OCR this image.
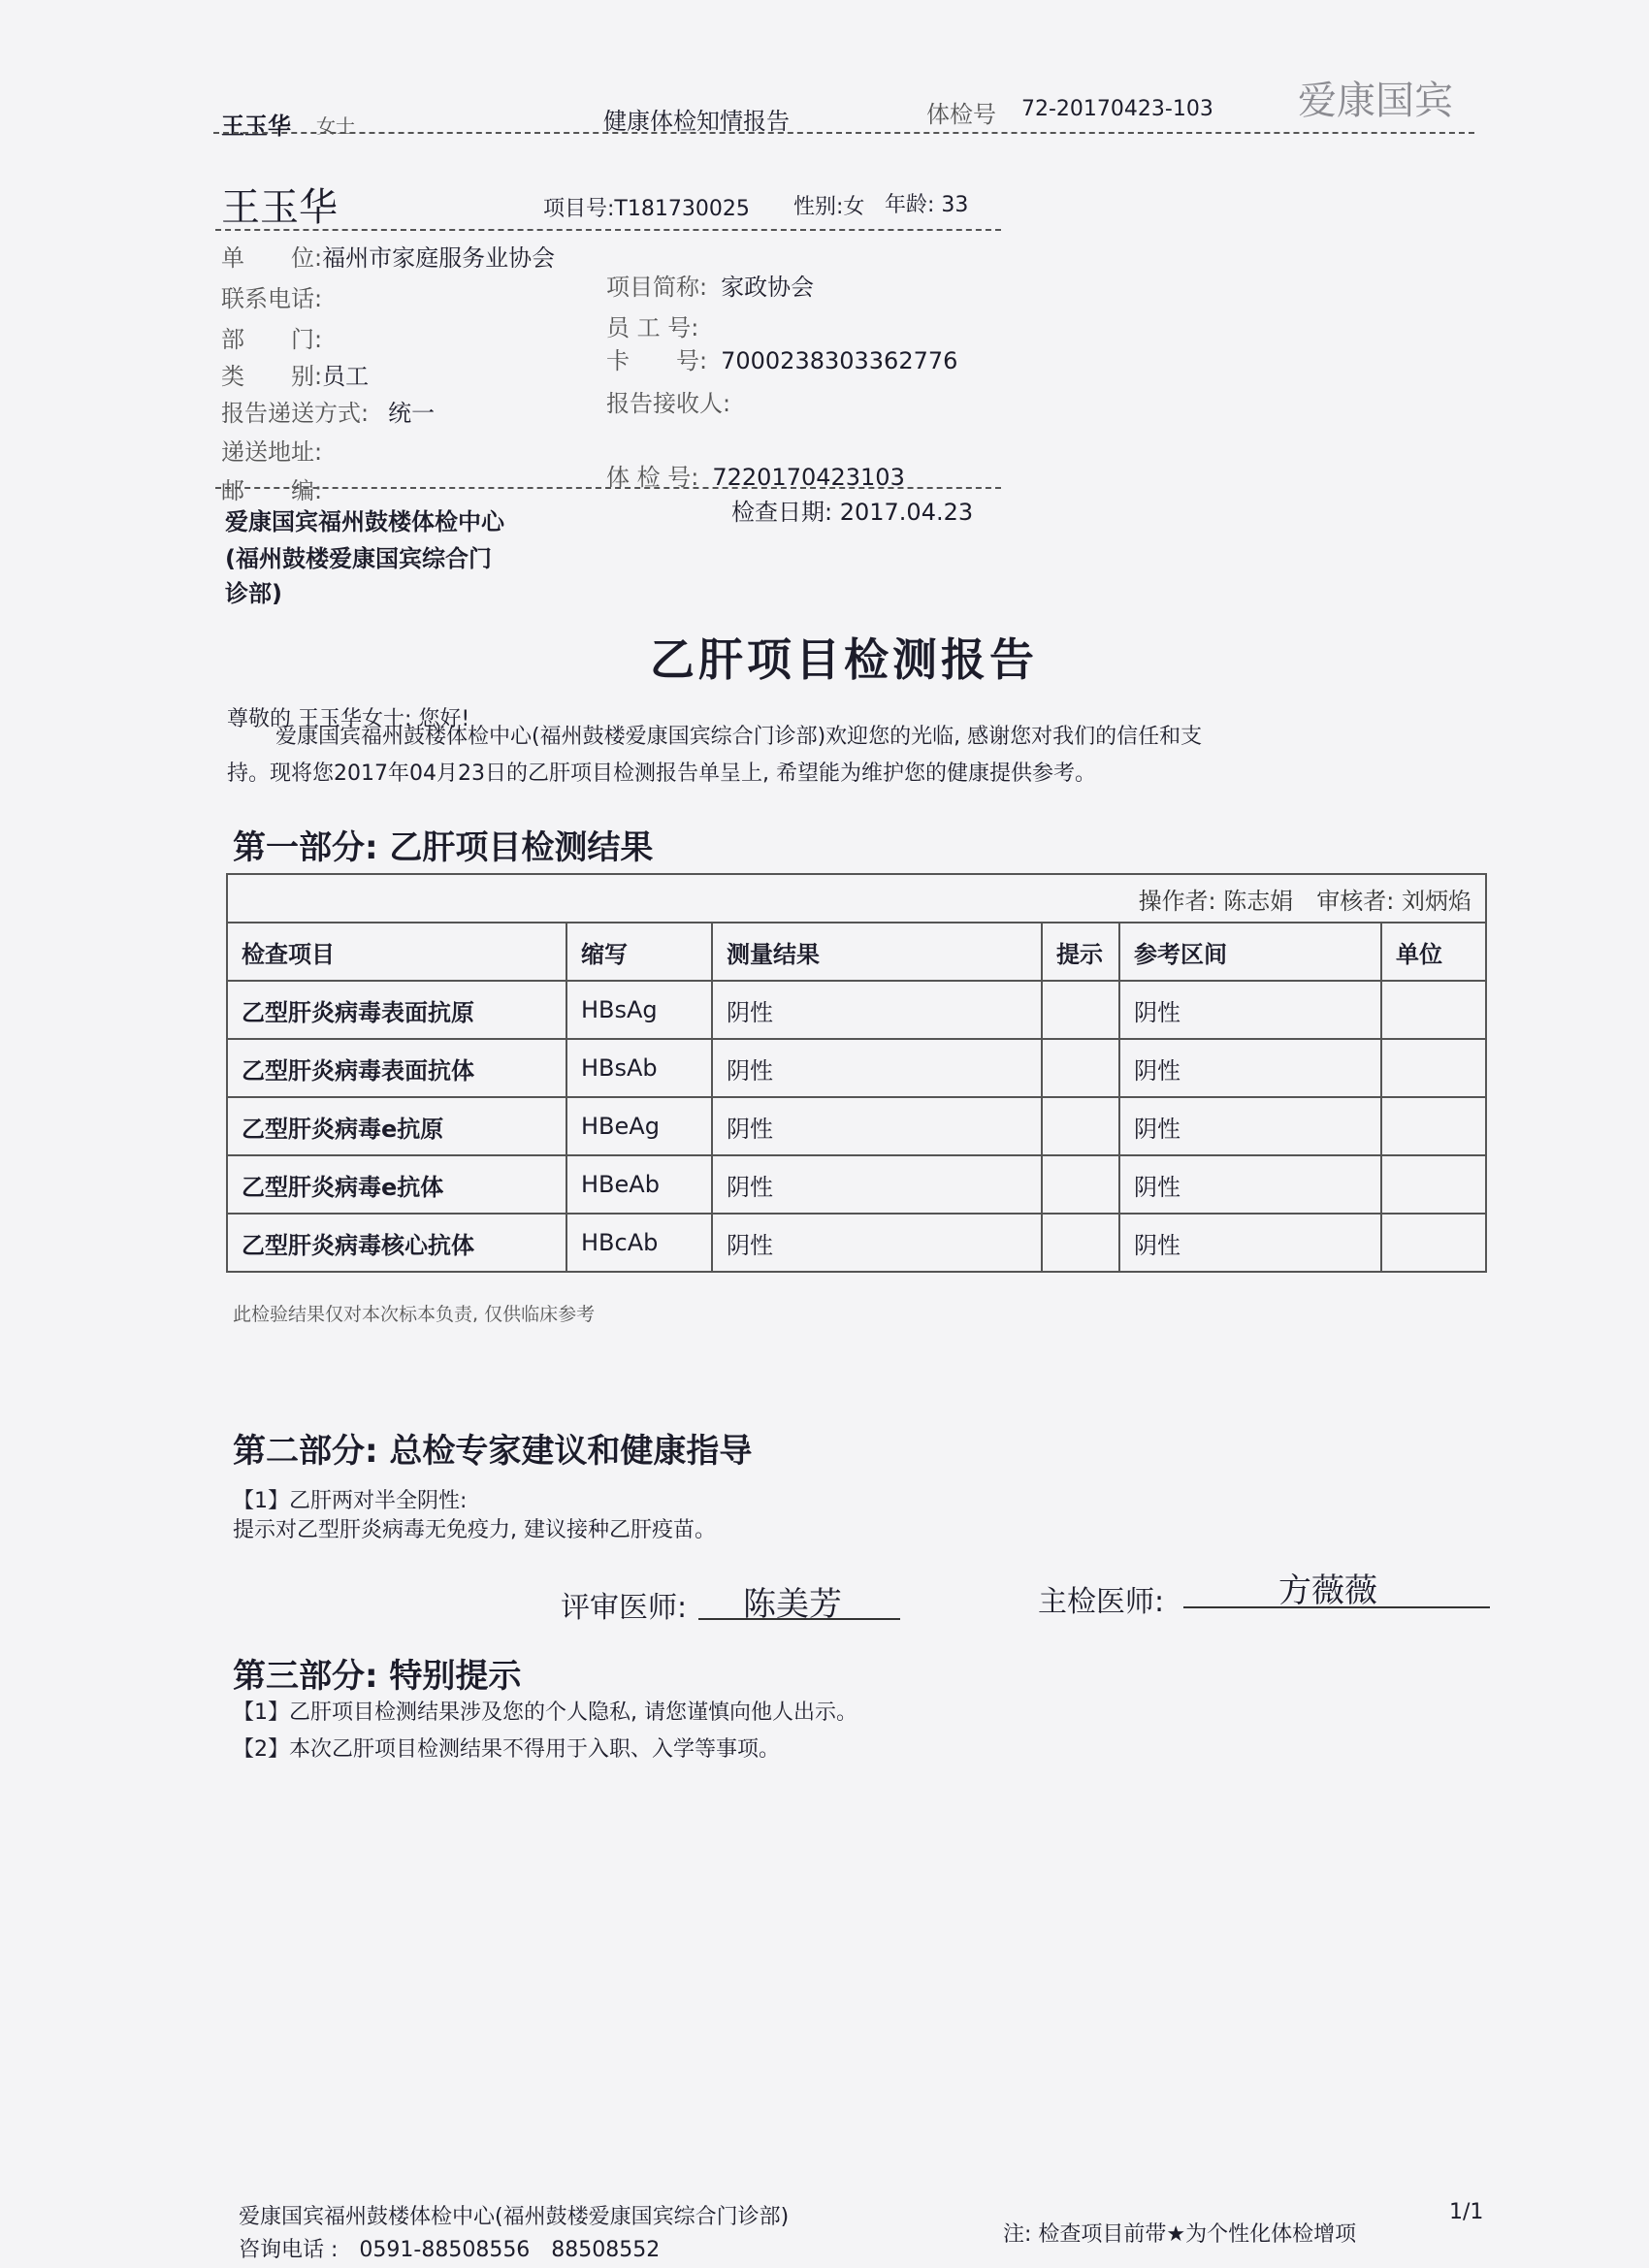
王玉华 女士	健康体检知情报告	体检号 72-20170423-103 爱康国宾
王玉华	项目号:T181730025 性别:女 年龄: 33
单　　位:福州市家庭服务业协会
联系电话:
部　　门:
类　　别:员工
报告递送方式: 统一
递送地址:
邮　　编:
项目简称: 家政协会
员 工 号:
卡　　号: 7000238303362776
报告接收人:
体 检 号: 7220170423103
爱康国宾福州鼓楼体检中心
(福州鼓楼爱康国宾综合门
诊部)
检查日期: 2017.04.23
乙肝项目检测报告
尊敬的 王玉华女士: 您好!
爱康国宾福州鼓楼体检中心(福州鼓楼爱康国宾综合门诊部)欢迎您的光临, 感谢您对我们的信任和支
持。现将您2017年04月23日的乙肝项目检测报告单呈上, 希望能为维护您的健康提供参考。
第一部分: 乙肝项目检测结果
操作者: 陈志娟　审核者: 刘炳焰					
检查项目	缩写	测量结果	提示	参考区间	单位
乙型肝炎病毒表面抗原	HBsAg	阴性		阴性	
乙型肝炎病毒表面抗体	HBsAb	阴性		阴性	
乙型肝炎病毒e抗原	HBeAg	阴性		阴性	
乙型肝炎病毒e抗体	HBeAb	阴性		阴性	
乙型肝炎病毒核心抗体	HBcAb	阴性		阴性	
此检验结果仅对本次标本负责, 仅供临床参考
第二部分: 总检专家建议和健康指导
【1】乙肝两对半全阴性:
提示对乙型肝炎病毒无免疫力, 建议接种乙肝疫苗。
评审医师: 陈美芳	主检医师:	方薇薇
第三部分: 特别提示
【1】乙肝项目检测结果涉及您的个人隐私, 请您谨慎向他人出示。
【2】本次乙肝项目检测结果不得用于入职、入学等事项。
爱康国宾福州鼓楼体检中心(福州鼓楼爱康国宾综合门诊部)
咨询电话 :　0591-88508556　88508552
注: 检查项目前带★为个性化体检增项
1/1
